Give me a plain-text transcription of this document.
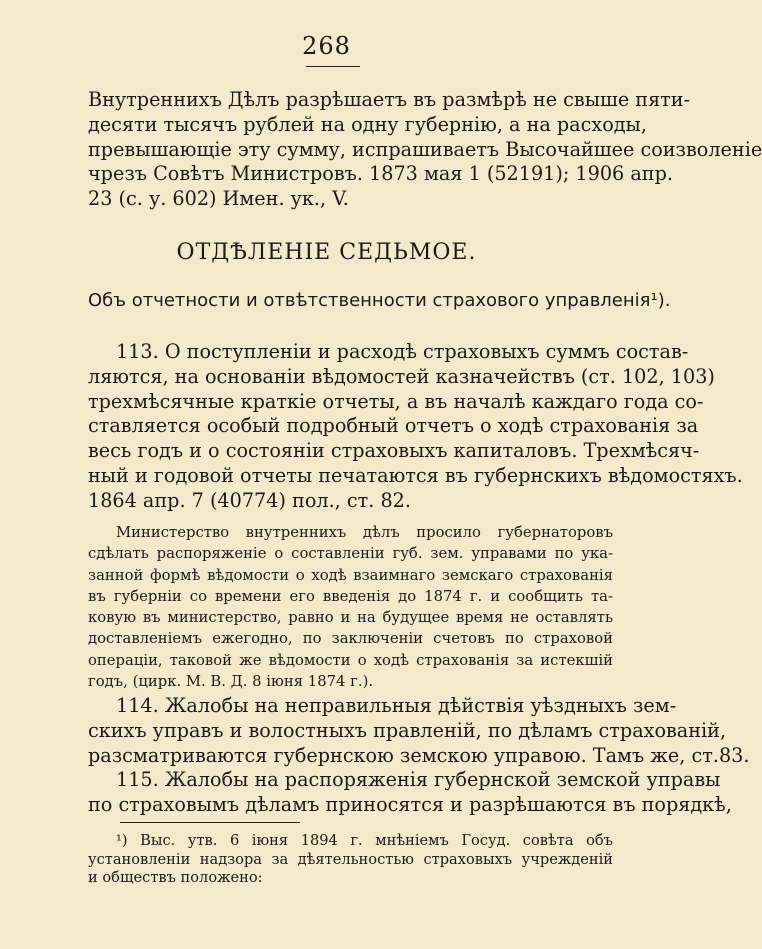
268
Внутреннихъ Дѣлъ разрѣшаетъ въ размѣрѣ не свыше пяти-
десяти тысячъ рублей на одну губернію, а на расходы,
превышающіе эту сумму, испрашиваетъ Высочайшее соизволеніе
чрезъ Совѣтъ Министровъ. 1873 мая 1 (52191); 1906 апр.
23 (с. у. 602) Имен. ук., V.
ОТДѢЛЕНІЕ СЕДЬМОЕ.
Объ отчетности и отвѣтственности страхового управленія¹).
113. О поступленіи и расходѣ страховыхъ суммъ состав-
ляются, на основаніи вѣдомостей казначействъ (ст. 102, 103)
трехмѣсячные краткіе отчеты, а въ началѣ каждаго года со-
ставляется особый подробный отчетъ о ходѣ страхованія за
весь годъ и о состояніи страховыхъ капиталовъ. Трехмѣсяч-
ный и годовой отчеты печатаются въ губернскихъ вѣдомостяхъ.
1864 апр. 7 (40774) пол., ст. 82.
Министерство внутреннихъ дѣлъ просило губернаторовъ
сдѣлать распоряженіе о составленіи губ. зем. управами по ука-
занной формѣ вѣдомости о ходѣ взаимнаго земскаго страхованія
въ губерніи со времени его введенія до 1874 г. и сообщить та-
ковую въ министерство, равно и на будущее время не оставлять
доставленіемъ ежегодно, по заключеніи счетовъ по страховой
операціи, таковой же вѣдомости о ходѣ страхованія за истекшій
годъ, (цирк. М. В. Д. 8 іюня 1874 г.).
114. Жалобы на неправильныя дѣйствія уѣздныхъ зем-
скихъ управъ и волостныхъ правленій, по дѣламъ страхованій,
разсматриваются губернскою земскою управою. Тамъ же, ст.83.
115. Жалобы на распоряженія губернской земской управы
по страховымъ дѣламъ приносятся и разрѣшаются въ порядкѣ,
¹) Выс. утв. 6 іюня 1894 г. мнѣніемъ Госуд. совѣта объ
установленіи надзора за дѣятельностью страховыхъ учрежденій
и обществъ положено:
